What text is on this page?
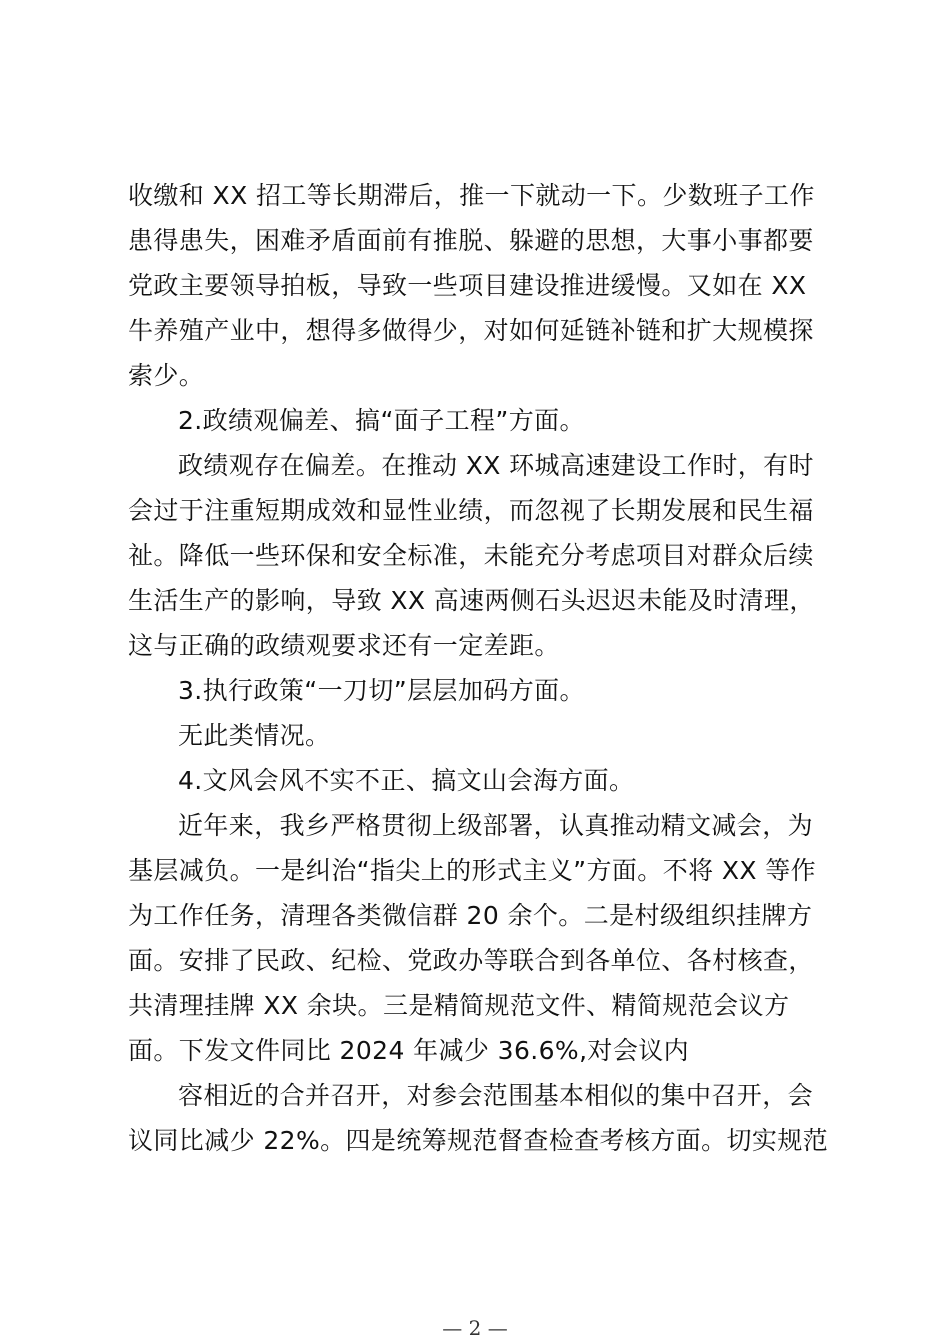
收缴和 XX 招工等长期滞后，推一下就动一下。少数班子工作
患得患失，困难矛盾面前有推脱、躲避的思想，大事小事都要
党政主要领导拍板，导致一些项目建设推进缓慢。又如在 XX
牛养殖产业中，想得多做得少，对如何延链补链和扩大规模探
索少。
2.政绩观偏差、搞“面子工程”方面。
政绩观存在偏差。在推动 XX 环城高速建设工作时，有时
会过于注重短期成效和显性业绩，而忽视了长期发展和民生福
祉。降低一些环保和安全标准，未能充分考虑项目对群众后续
生活生产的影响，导致 XX 高速两侧石头迟迟未能及时清理，
这与正确的政绩观要求还有一定差距。
3.执行政策“一刀切”层层加码方面。
无此类情况。
4.文风会风不实不正、搞文山会海方面。
近年来，我乡严格贯彻上级部署，认真推动精文减会，为
基层减负。一是纠治“指尖上的形式主义”方面。不将 XX 等作
为工作任务，清理各类微信群 20 余个。二是村级组织挂牌方
面。安排了民政、纪检、党政办等联合到各单位、各村核查，
共清理挂牌 XX 余块。三是精简规范文件、精简规范会议方
面。下发文件同比 2024 年减少 36.6%,对会议内
容相近的合并召开，对参会范围基本相似的集中召开，会
议同比减少 22%。四是统筹规范督查检查考核方面。切实规范
— 2 —
